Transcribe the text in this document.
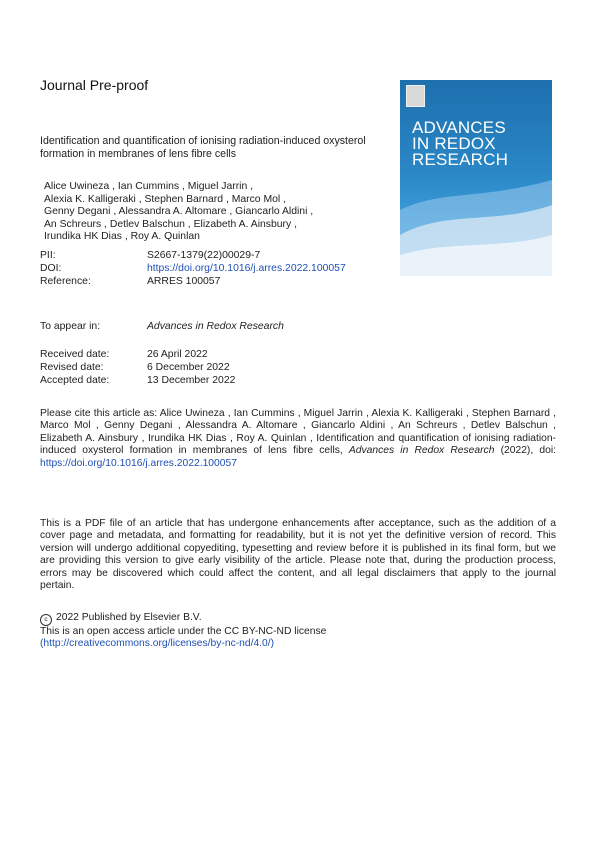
Journal Pre-proof
Identification and quantification of ionising radiation-induced oxysterol formation in membranes of lens fibre cells
Alice Uwineza , Ian Cummins , Miguel Jarrin ,
Alexia K. Kalligeraki , Stephen Barnard , Marco Mol ,
Genny Degani , Alessandra A. Altomare , Giancarlo Aldini ,
An Schreurs , Detlev Balschun , Elizabeth A. Ainsbury ,
Irundika HK Dias , Roy A. Quinlan
PII:	S2667-1379(22)00029-7
DOI:	https://doi.org/10.1016/j.arres.2022.100057
Reference:	ARRES 100057
To appear in:	Advances in Redox Research
Received date:	26 April 2022
Revised date:	6 December 2022
Accepted date:	13 December 2022
Please cite this article as: Alice Uwineza , Ian Cummins , Miguel Jarrin , Alexia K. Kalligeraki , Stephen Barnard , Marco Mol , Genny Degani , Alessandra A. Altomare , Giancarlo Aldini , An Schreurs , Detlev Balschun , Elizabeth A. Ainsbury , Irundika HK Dias , Roy A. Quinlan , Identification and quantification of ionising radiation-induced oxysterol formation in membranes of lens fibre cells, Advances in Redox Research (2022), doi: https://doi.org/10.1016/j.arres.2022.100057
This is a PDF file of an article that has undergone enhancements after acceptance, such as the addition of a cover page and metadata, and formatting for readability, but it is not yet the definitive version of record. This version will undergo additional copyediting, typesetting and review before it is published in its final form, but we are providing this version to give early visibility of the article. Please note that, during the production process, errors may be discovered which could affect the content, and all legal disclaimers that apply to the journal pertain.
c 2022 Published by Elsevier B.V.
This is an open access article under the CC BY-NC-ND license
(http://creativecommons.org/licenses/by-nc-nd/4.0/)
ADVANCES
IN REDOX
RESEARCH
